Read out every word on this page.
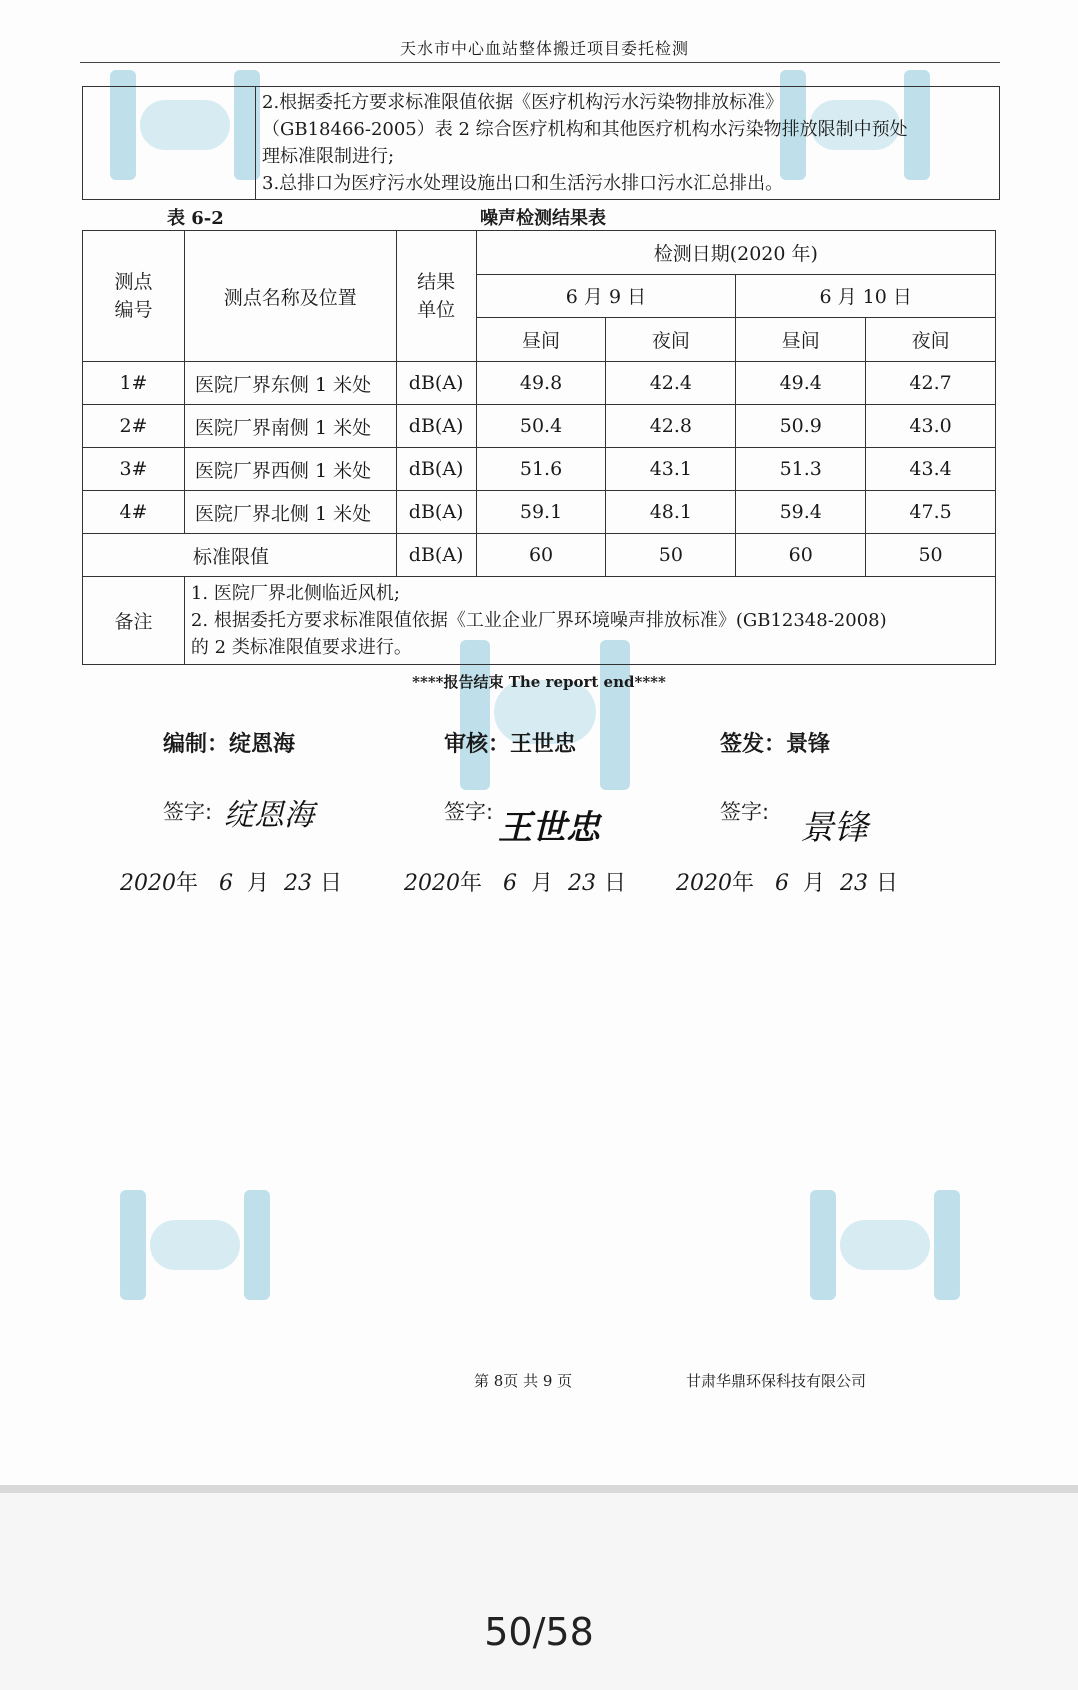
天水市中心血站整体搬迁项目委托检测

2.根据委托方要求标准限值依据《医疗机构污水污染物排放标准》
（GB18466-2005）表 2 综合医疗机构和其他医疗机构水污染物排放限制中预处
理标准限制进行;
3.总排口为医疗污水处理设施出口和生活污水排口污水汇总排出。
表 6-2	噪声检测结果表
测点编号	测点名称及位置	结果单位	检测日期(2020 年)			
			6 月 9 日		6 月 10 日	
			昼间	夜间	昼间	夜间
1#	医院厂界东侧 1 米处	dB(A)	49.8	42.4	49.4	42.7
2#	医院厂界南侧 1 米处	dB(A)	50.4	42.8	50.9	43.0
3#	医院厂界西侧 1 米处	dB(A)	51.6	43.1	51.3	43.4
4#	医院厂界北侧 1 米处	dB(A)	59.1	48.1	59.4	47.5
标准限值		dB(A)	60	50	60	50
备注	1. 医院厂界北侧临近风机;
2. 根据委托方要求标准限值依据《工业企业厂界环境噪声排放标准》(GB12348-2008)
的 2 类标准限值要求进行。					
****报告结束 The report end****
编制：绽恩海	审核：王世忠	签发：景锋
签字: 绽恩海	签字: 王世忠	签字: 景锋
2020年 6 月 23 日	2020年 6 月 23 日 2020年 6 月 23 日
第 8页 共 9 页	甘肃华鼎环保科技有限公司
50/58
